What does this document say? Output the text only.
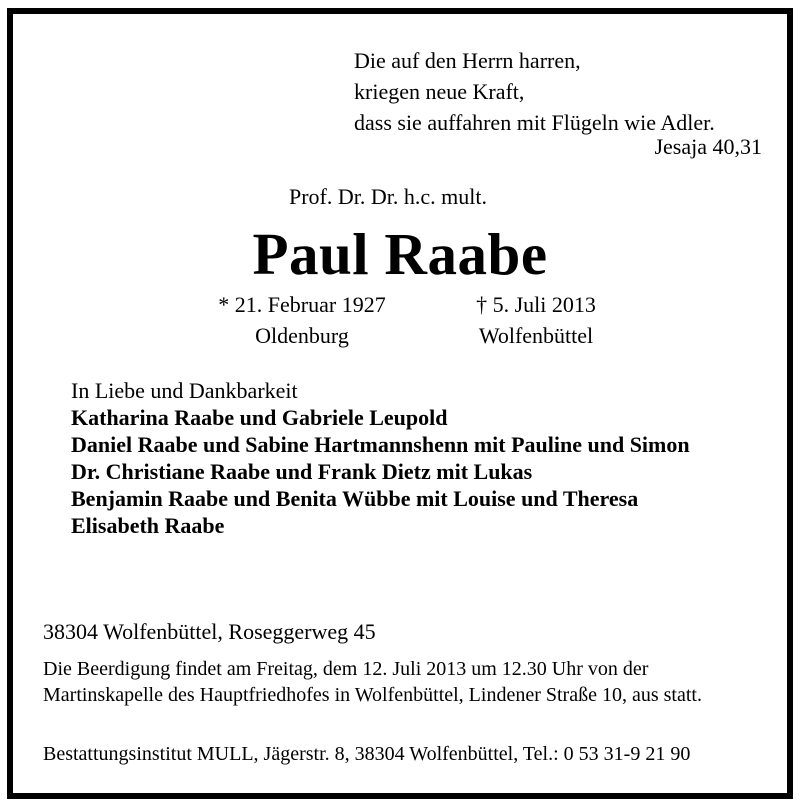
Die auf den Herrn harren,
kriegen neue Kraft,
dass sie auffahren mit Flügeln wie Adler.
Jesaja 40,31
Prof. Dr. Dr. h.c. mult.
Paul Raabe
* 21. Februar 1927
Oldenburg
† 5. Juli 2013
Wolfenbüttel
In Liebe und Dankbarkeit
Katharina Raabe und Gabriele Leupold
Daniel Raabe und Sabine Hartmannshenn mit Pauline und Simon
Dr. Christiane Raabe und Frank Dietz mit Lukas
Benjamin Raabe und Benita Wübbe mit Louise und Theresa
Elisabeth Raabe
38304 Wolfenbüttel, Roseggerweg 45
Die Beerdigung findet am Freitag, dem 12. Juli 2013 um 12.30 Uhr von der Martinskapelle des Hauptfriedhofes in Wolfenbüttel, Lindener Straße 10, aus statt.
Bestattungsinstitut MULL, Jägerstr. 8, 38304 Wolfenbüttel, Tel.: 0 53 31-9 21 90
